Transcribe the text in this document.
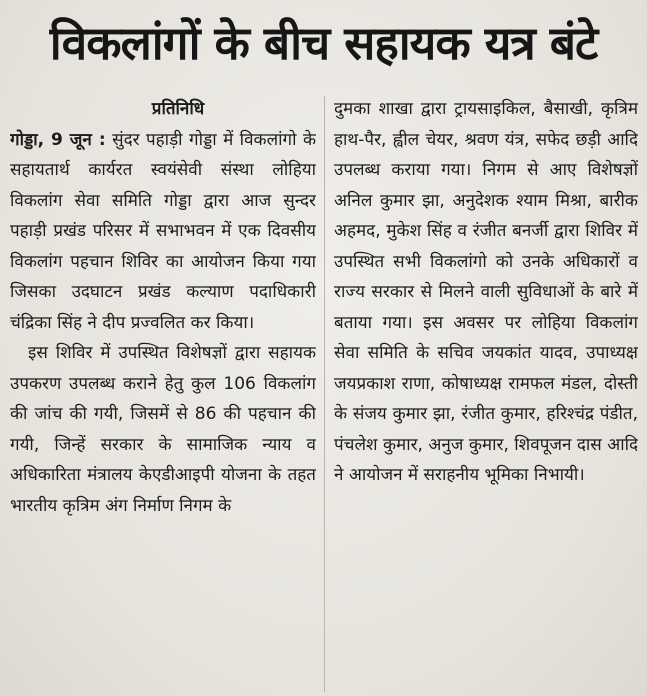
विकलांगों के बीच सहायक यत्र बंटे
प्रतिनिधि

गोड्डा, 9 जून : सुंदर पहाड़ी गोड्डा में विकलांगो के सहायतार्थ कार्यरत स्वयंसेवी संस्था लोहिया विकलांग सेवा समिति गोड्डा द्वारा आज सुन्दर पहाड़ी प्रखंड परिसर में सभाभवन में एक दिवसीय विकलांग पहचान शिविर का आयोजन किया गया जिसका उदघाटन प्रखंड कल्याण पदाधिकारी चंद्रिका सिंह ने दीप प्रज्वलित कर किया।

इस शिविर में उपस्थित विशेषज्ञों द्वारा सहायक उपकरण उपलब्ध कराने हेतु कुल 106 विकलांग की जांच की गयी, जिसमें से 86 की पहचान की गयी, जिन्हें सरकार के सामाजिक न्याय व अधिकारिता मंत्रालय केएडीआइपी योजना के तहत भारतीय कृत्रिम अंग निर्माण निगम के

दुमका शाखा द्वारा ट्रायसाइकिल, बैसाखी, कृत्रिम हाथ-पैर, ह्वील चेयर, श्रवण यंत्र, सफेद छड़ी आदि उपलब्ध कराया गया। निगम से आए विशेषज्ञों अनिल कुमार झा, अनुदेशक श्याम मिश्रा, बारीक अहमद, मुकेश सिंह व रंजीत बनर्जी द्वारा शिविर में उपस्थित सभी विकलांगो को उनके अधिकारों व राज्य सरकार से मिलने वाली सुविधाओं के बारे में बताया गया। इस अवसर पर लोहिया विकलांग सेवा समिति के सचिव जयकांत यादव, उपाध्यक्ष जयप्रकाश राणा, कोषाध्यक्ष रामफल मंडल, दोस्ती के संजय कुमार झा, रंजीत कुमार, हरिश्चंद्र पंडीत, पंचलेश कुमार, अनुज कुमार, शिवपूजन दास आदि ने आयोजन में सराहनीय भूमिका निभायी।
